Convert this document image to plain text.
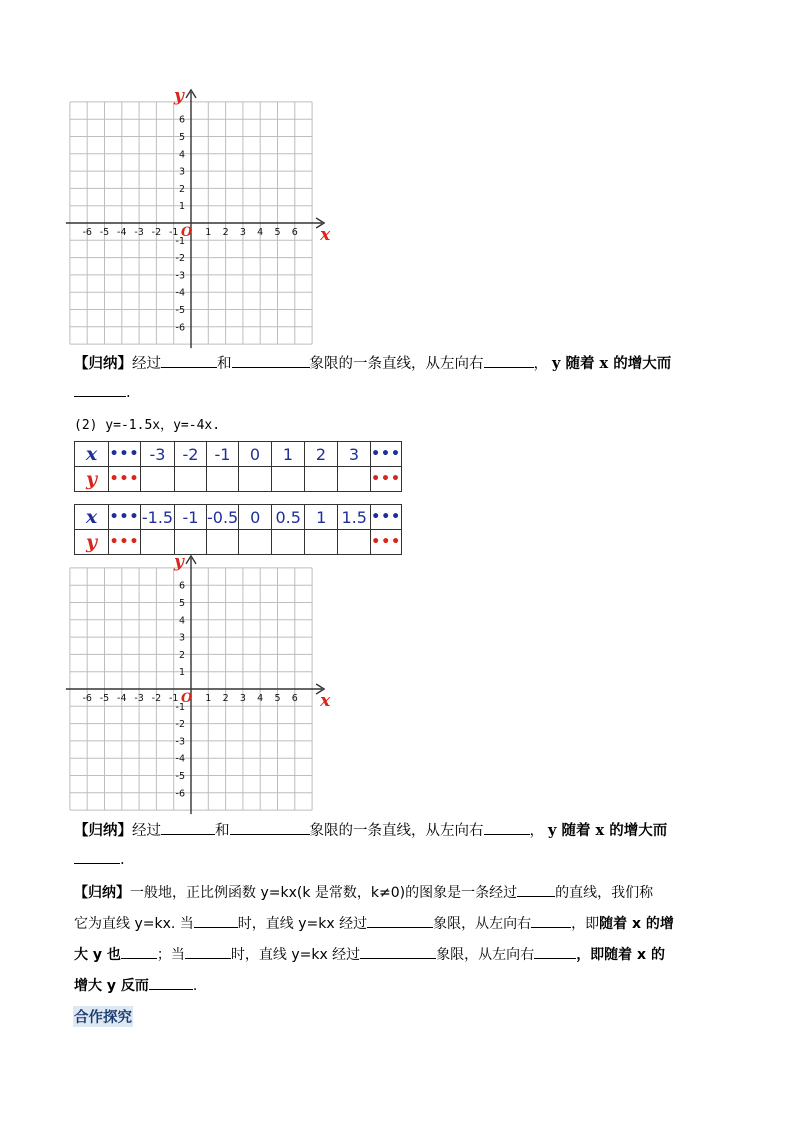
-6
-6
-5
-5
-4
-4
-3
-3
-2
-2
-1
-1
1
1
2
2
3
3
4
4
5
5
6
6
O	x
y
【归纳】经过	和	象限的一条直线，从左向右	， y 随着 x 的增大而
.
(2) y=-1.5x，y=-4x.
x	•••	-3	-2	-1	0	1	2	3	•••
y	•••								•••
x	•••	-1.5	-1	-0.5	0	0.5	1	1.5	•••
y	•••								•••
-6
-6
-5
-5
-4
-4
-3
-3
-2
-2
-1
-1
1
1
2
2
3
3
4
4
5
5
6
6
O	x
y
【归纳】经过	和	象限的一条直线，从左向右	， y 随着 x 的增大而
.
【归纳】一般地，正比例函数 y=kx(k 是常数，k≠0)的图象是一条经过	的直线，我们称
它为直线 y=kx. 当	时，直线 y=kx 经过	象限，从左向右	，即随着 x 的增
大 y 也	；当	时，直线 y=kx 经过	象限，从左向右	，即随着 x 的
增大 y 反而	.
合作探究
